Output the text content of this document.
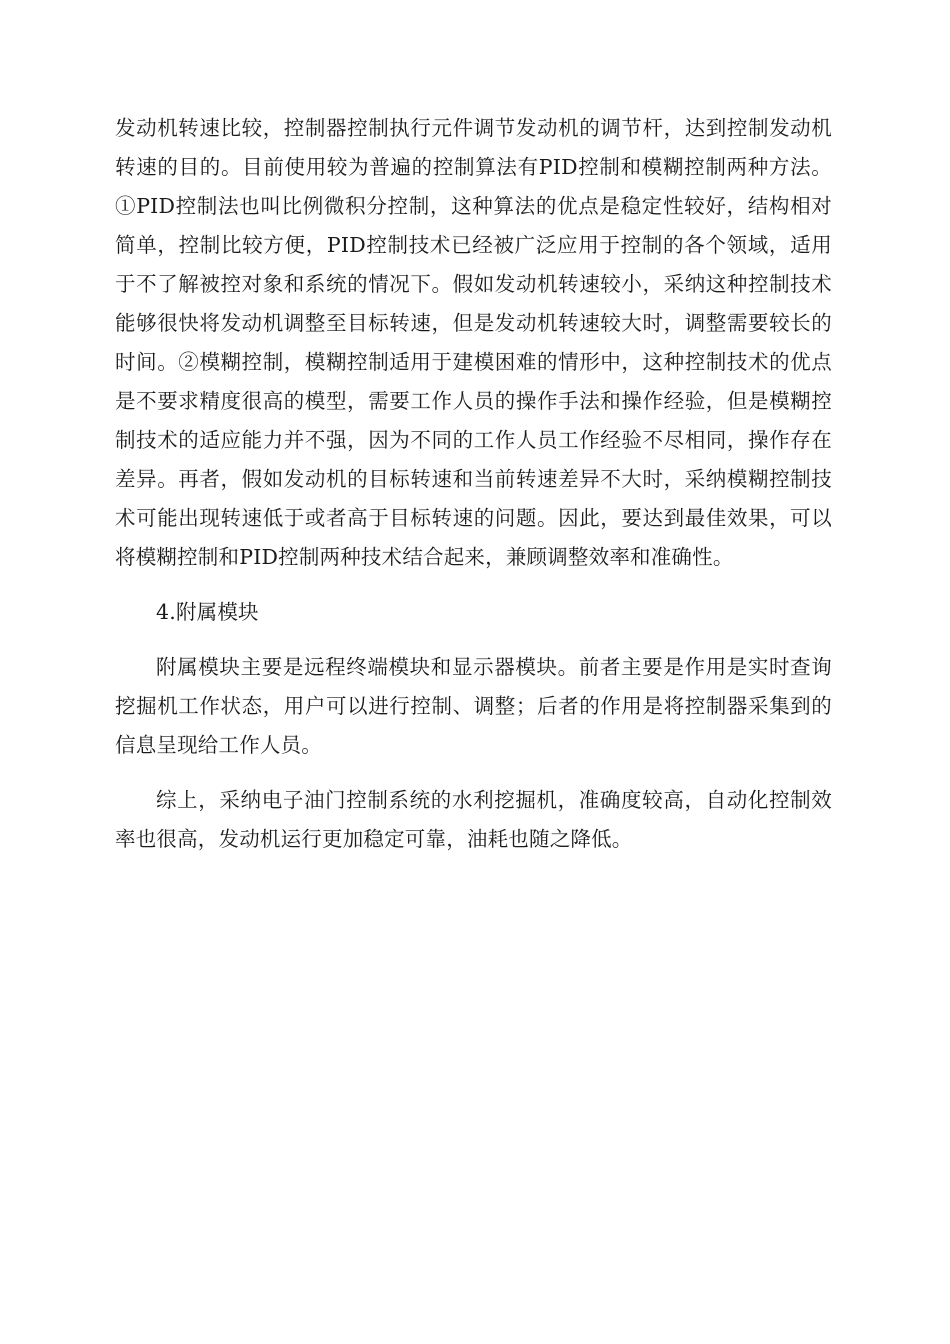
发动机转速比较，控制器控制执行元件调节发动机的调节杆，达到控制发动机转速的目的。目前使用较为普遍的控制算法有PID控制和模糊控制两种方法。①PID控制法也叫比例微积分控制，这种算法的优点是稳定性较好，结构相对简单，控制比较方便，PID控制技术已经被广泛应用于控制的各个领域，适用于不了解被控对象和系统的情况下。假如发动机转速较小，采纳这种控制技术能够很快将发动机调整至目标转速，但是发动机转速较大时，调整需要较长的时间。②模糊控制，模糊控制适用于建模困难的情形中，这种控制技术的优点是不要求精度很高的模型，需要工作人员的操作手法和操作经验，但是模糊控制技术的适应能力并不强，因为不同的工作人员工作经验不尽相同，操作存在差异。再者，假如发动机的目标转速和当前转速差异不大时，采纳模糊控制技术可能出现转速低于或者高于目标转速的问题。因此，要达到最佳效果，可以将模糊控制和PID控制两种技术结合起来，兼顾调整效率和准确性。

4.附属模块

附属模块主要是远程终端模块和显示器模块。前者主要是作用是实时查询挖掘机工作状态，用户可以进行控制、调整；后者的作用是将控制器采集到的信息呈现给工作人员。

综上，采纳电子油门控制系统的水利挖掘机，准确度较高，自动化控制效率也很高，发动机运行更加稳定可靠，油耗也随之降低。
